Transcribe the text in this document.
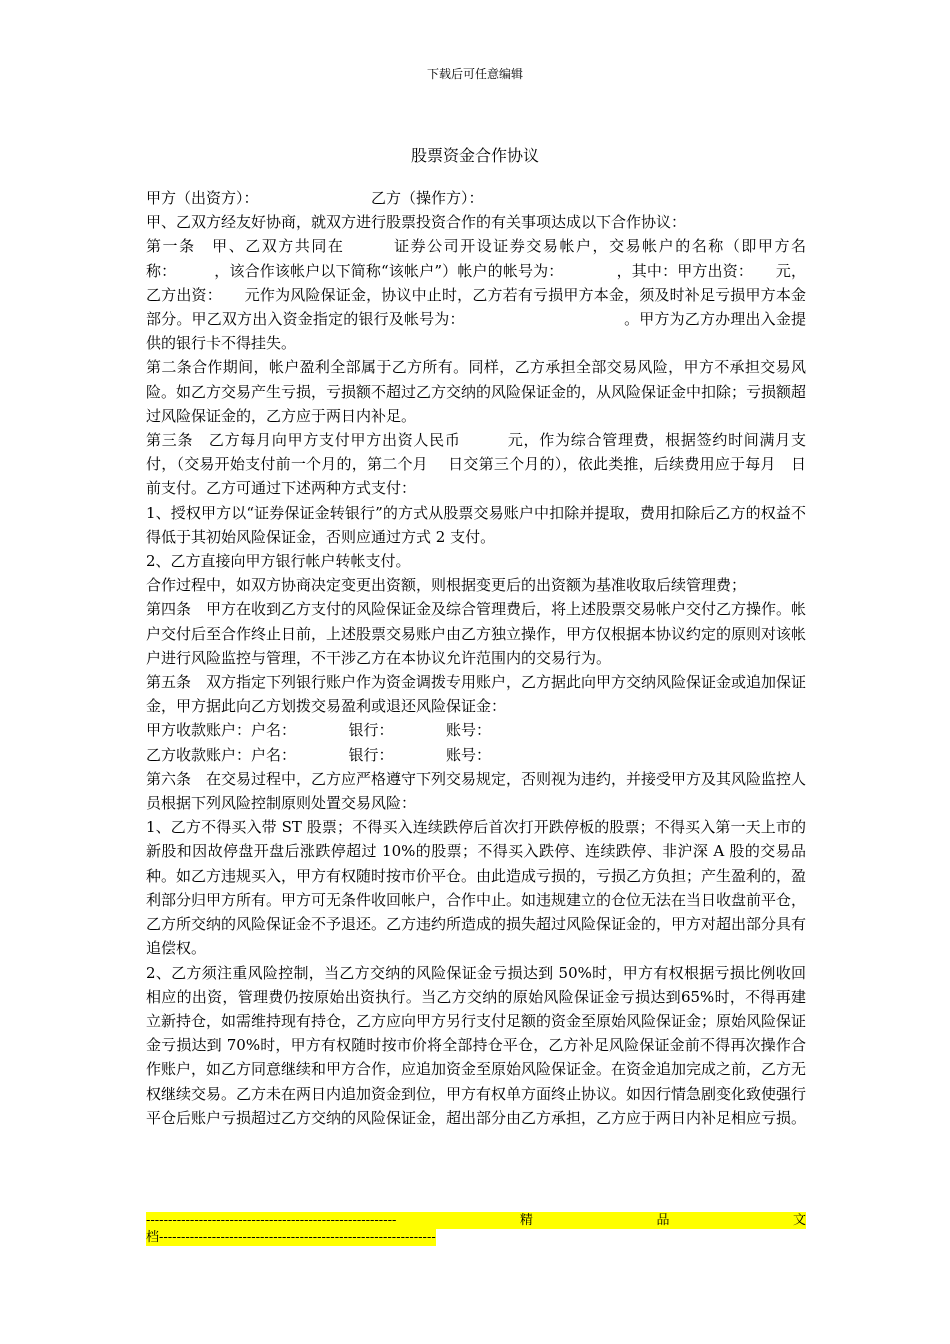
下载后可任意编辑
股票资金合作协议

甲方（出资方）：　　　　　　　　乙方（操作方）：

甲、乙双方经友好协商，就双方进行股票投资合作的有关事项达成以下合作协议：

第一条　甲、乙双方共同在　　　证券公司开设证券交易帐户，交易帐户的名称（即甲方名称：　　　，该合作该帐户以下简称“该帐户”）帐户的帐号为：　　　　，其中：甲方出资：　　元，乙方出资：　　元作为风险保证金，协议中止时，乙方若有亏损甲方本金，须及时补足亏损甲方本金部分。甲乙双方出入资金指定的银行及帐号为：　　　　　　　　　　　。甲方为乙方办理出入金提供的银行卡不得挂失。

第二条合作期间，帐户盈利全部属于乙方所有。同样，乙方承担全部交易风险，甲方不承担交易风险。如乙方交易产生亏损，亏损额不超过乙方交纳的风险保证金的，从风险保证金中扣除；亏损额超过风险保证金的，乙方应于两日内补足。

第三条　乙方每月向甲方支付甲方出资人民币　　　元，作为综合管理费，根据签约时间满月支付，（交易开始支付前一个月的，第二个月　 日交第三个月的），依此类推，后续费用应于每月　日前支付。乙方可通过下述两种方式支付：

1、授权甲方以“证券保证金转银行”的方式从股票交易账户中扣除并提取，费用扣除后乙方的权益不得低于其初始风险保证金，否则应通过方式 2 支付。

2、乙方直接向甲方银行帐户转帐支付。

合作过程中，如双方协商决定变更出资额，则根据变更后的出资额为基准收取后续管理费；

第四条　甲方在收到乙方支付的风险保证金及综合管理费后，将上述股票交易帐户交付乙方操作。帐户交付后至合作终止日前，上述股票交易账户由乙方独立操作，甲方仅根据本协议约定的原则对该帐户进行风险监控与管理，不干涉乙方在本协议允许范围内的交易行为。

第五条　双方指定下列银行账户作为资金调拨专用账户，乙方据此向甲方交纳风险保证金或追加保证金，甲方据此向乙方划拨交易盈利或退还风险保证金：

甲方收款账户：户名：　　　　银行：　　　　账号：

乙方收款账户：户名：　　　　银行：　　　　账号：

第六条　在交易过程中，乙方应严格遵守下列交易规定，否则视为违约，并接受甲方及其风险监控人员根据下列风险控制原则处置交易风险：

1、乙方不得买入带 ST 股票；不得买入连续跌停后首次打开跌停板的股票；不得买入第一天上市的新股和因故停盘开盘后涨跌停超过 10%的股票；不得买入跌停、连续跌停、非沪深 A 股的交易品种。如乙方违规买入，甲方有权随时按市价平仓。由此造成亏损的，亏损乙方负担；产生盈利的，盈利部分归甲方所有。甲方可无条件收回帐户，合作中止。如违规建立的仓位无法在当日收盘前平仓，乙方所交纳的风险保证金不予退还。乙方违约所造成的损失超过风险保证金的，甲方对超出部分具有追偿权。

2、乙方须注重风险控制，当乙方交纳的风险保证金亏损达到 50%时，甲方有权根据亏损比例收回相应的出资，管理费仍按原始出资执行。当乙方交纳的原始风险保证金亏损达到65%时，不得再建立新持仓，如需维持现有持仓，乙方应向甲方另行支付足额的资金至原始风险保证金；原始风险保证金亏损达到 70%时，甲方有权随时按市价将全部持仓平仓，乙方补足风险保证金前不得再次操作合作账户，如乙方同意继续和甲方合作，应追加资金至原始风险保证金。在资金追加完成之前，乙方无权继续交易。乙方未在两日内追加资金到位，甲方有权单方面终止协议。如因行情急剧变化致使强行平仓后账户亏损超过乙方交纳的风险保证金，超出部分由乙方承担，乙方应于两日内补足相应亏损。

---------------------------------------------------------	精	品	文
档---------------------------------------------------------------
